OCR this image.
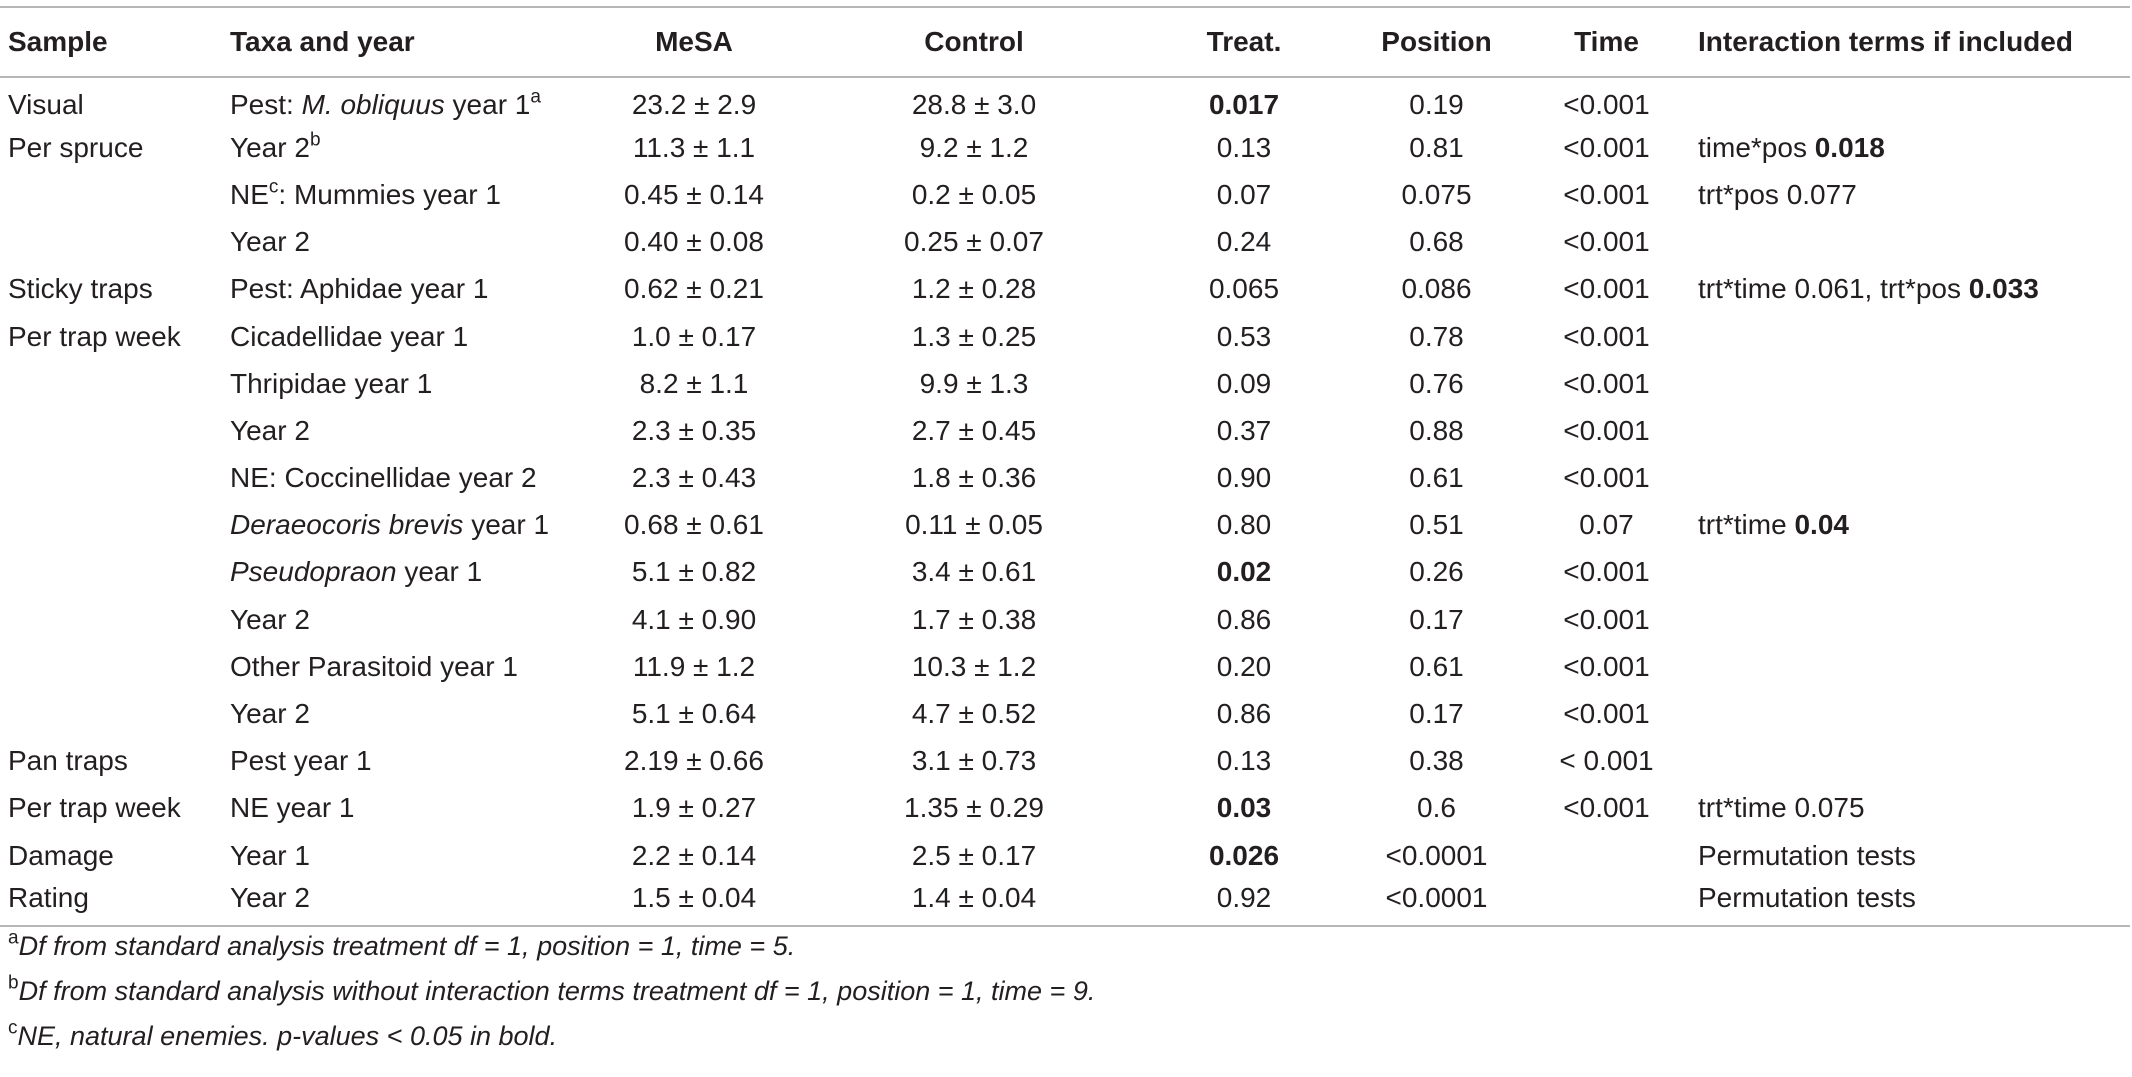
Sample	Taxa and year	MeSA	Control	Treat.	Position	Time	Interaction terms if included
Visual	Pest: M. obliquus year 1$^a$	23.2 ± 2.9	28.8 ± 3.0	0.017	0.19	<0.001	
Per spruce	Year 2$^b$	11.3 ± 1.1	9.2 ± 1.2	0.13	0.81	<0.001	time*pos 0.018
	$NE^c$: Mummies year 1	0.45 ± 0.14	0.2 ± 0.05	0.07	0.075	<0.001	trt*pos 0.077
	Year 2	0.40 ± 0.08	0.25 ± 0.07	0.24	0.68	<0.001	
Sticky traps	Pest: Aphidae year 1	0.62 ± 0.21	1.2 ± 0.28	0.065	0.086	<0.001	trt*time 0.061, trt*pos 0.033
Per trap week	Cicadellidae year 1	1.0 ± 0.17	1.3 ± 0.25	0.53	0.78	<0.001	
	Thripidae year 1	8.2 ± 1.1	9.9 ± 1.3	0.09	0.76	<0.001	
	Year 2	2.3 ± 0.35	2.7 ± 0.45	0.37	0.88	<0.001	
	NE: Coccinellidae year 2	2.3 ± 0.43	1.8 ± 0.36	0.90	0.61	<0.001	
	Deraeocoris brevis year 1	0.68 ± 0.61	0.11 ± 0.05	0.80	0.51	0.07	trt*time 0.04
	Pseudopraon year 1	5.1 ± 0.82	3.4 ± 0.61	0.02	0.26	<0.001	
	Year 2	4.1 ± 0.90	1.7 ± 0.38	0.86	0.17	<0.001	
	Other Parasitoid year 1	11.9 ± 1.2	10.3 ± 1.2	0.20	0.61	<0.001	
	Year 2	5.1 ± 0.64	4.7 ± 0.52	0.86	0.17	<0.001	
Pan traps	Pest year 1	2.19 ± 0.66	3.1 ± 0.73	0.13	0.38	< 0.001	
Per trap week	NE year 1	1.9 ± 0.27	1.35 ± 0.29	0.03	0.6	<0.001	trt*time 0.075
Damage	Year 1	2.2 ± 0.14	2.5 ± 0.17	0.026	<0.0001		Permutation tests
Rating	Year 2	1.5 ± 0.04	1.4 ± 0.04	0.92	<0.0001		Permutation tests
$^a$Df from standard analysis treatment df = 1, position = 1, time = 5.
$^b$Df from standard analysis without interaction terms treatment df = 1, position = 1, time = 9.
$^c$NE, natural enemies. p-values < 0.05 in bold.
